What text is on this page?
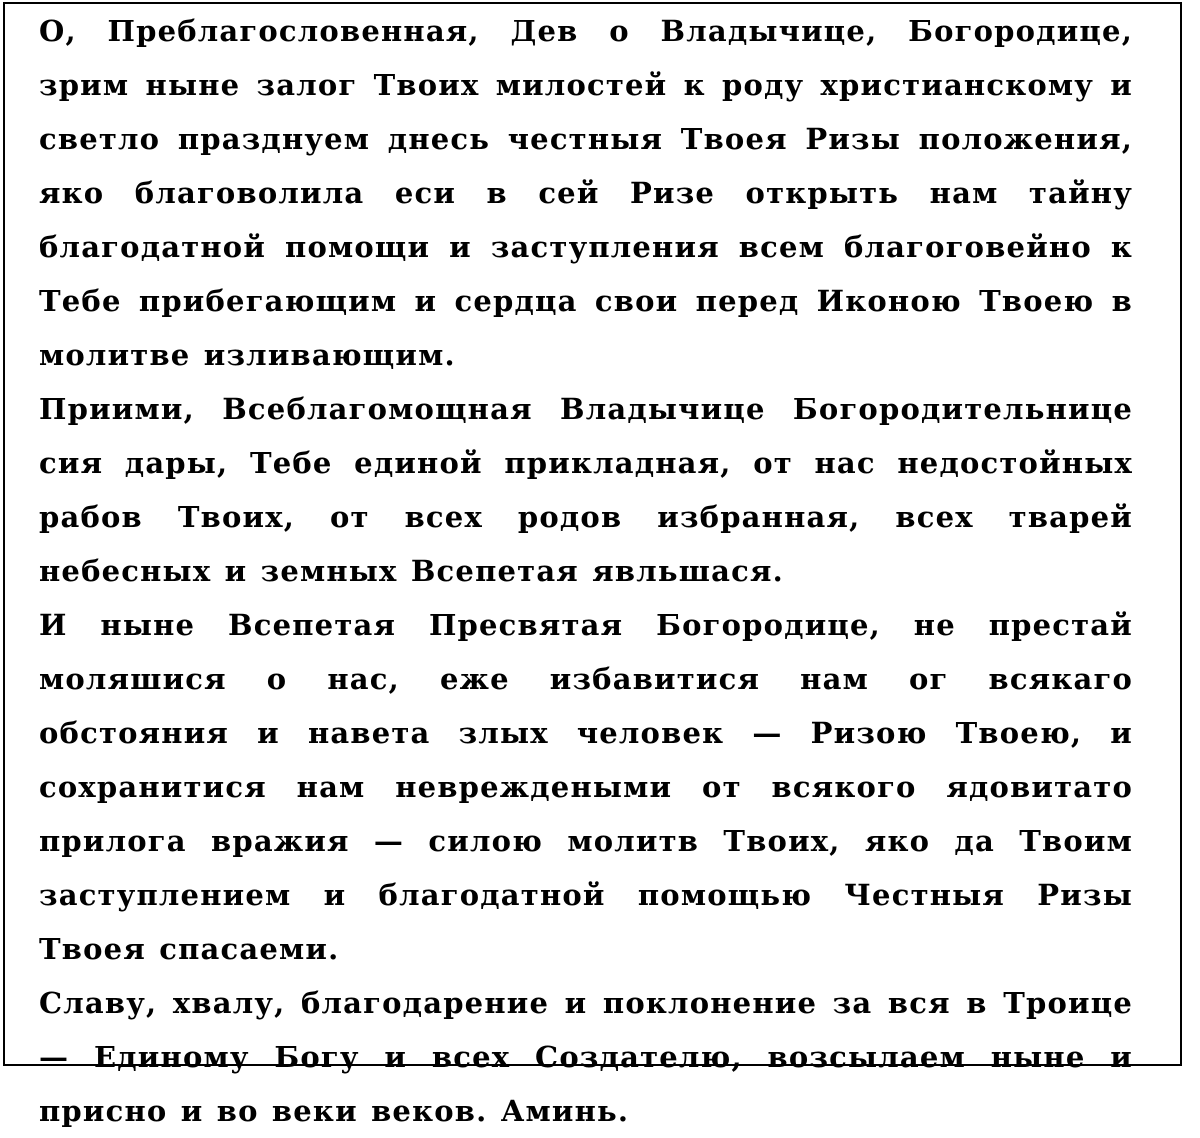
О, Преблагословенная, Дев о Владычице, Богородице, зрим ныне залог Твоих милостей к роду христианскому и светло празднуем днесь честныя Твоея Ризы положения, яко благоволила еси в сей Ризе открыть нам тайну благодатной помощи и заступления всем благоговейно к Тебе прибегающим и сердца свои перед Иконою Твоею в молитве изливающим.

Приими, Всеблагомощная Владычице Богородительнице сия дары, Тебе единой прикладная, от нас недостойных рабов Твоих, от всех родов избранная, всех тварей небесных и земных Всепетая явльшася.

И ныне Всепетая Пресвятая Богородице, не престай моляшися о нас, еже избавитися нам ог всякаго обстояния и навета злых человек — Ризою Твоею, и сохранитися нам невреждеными от всякого ядовитато прилога вражия — силою молитв Твоих, яко да Твоим заступлением и благодатной помощью Честныя Ризы Твоея спасаеми.

Славу, хвалу, благодарение и поклонение за вся в Троице — Единому Богу и всех Создателю, возсылаем ныне и присно и во веки веков. Аминь.
